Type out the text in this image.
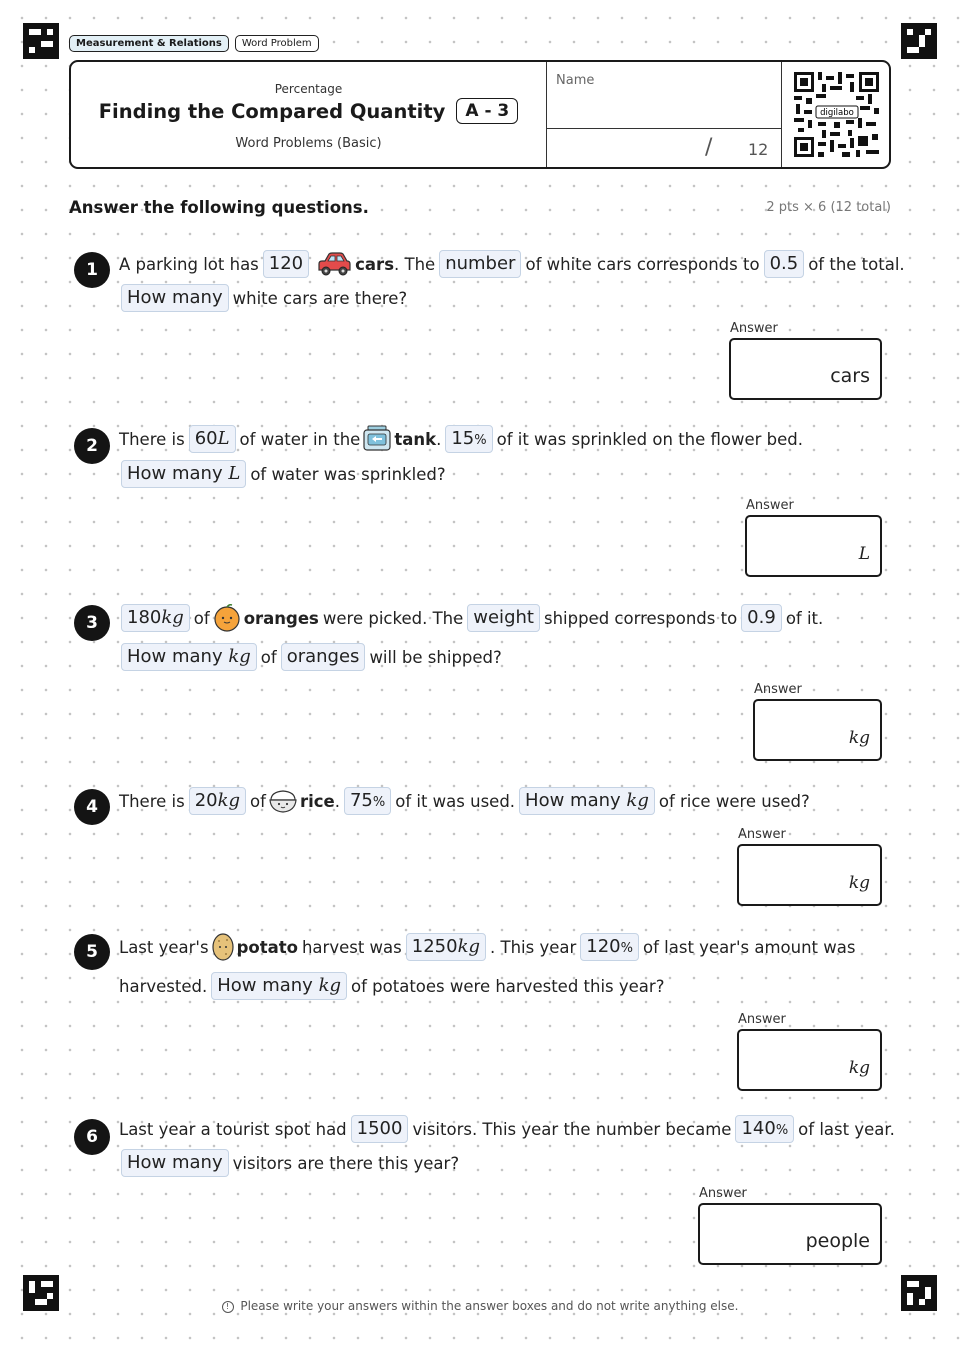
Measurement & Relations	Word Problem
Percentage
Finding the Compared Quantity	A - 3
Word Problems (Basic)
Name
/ 12
digilabo
Answer the following questions.	2 pts × 6 (12 total)
1	A parking lot has 120	cars . The number of white cars corresponds to 0.5 of the total.
How many white cars are there?
Answer
cars
2	There is 60L of water in the tank . 15% of it was sprinkled on the flower bed.
How many L of water was sprinkled?
Answer
L
3	180kg of oranges were picked. The weight shipped corresponds to 0.9 of it.
How many kg of oranges will be shipped?
Answer
kg
4	There is 20kg of rice . 75% of it was used. How many kg of rice were used?
Answer
kg
5	Last year's potato harvest was 1250kg . This year 120% of last year's amount was
harvested. How many kg of potatoes were harvested this year?
Answer
kg
6	Last year a tourist spot had 1500 visitors. This year the number became 140% of last year.
How many visitors are there this year?
Answer
people
! Please write your answers within the answer boxes and do not write anything else.
